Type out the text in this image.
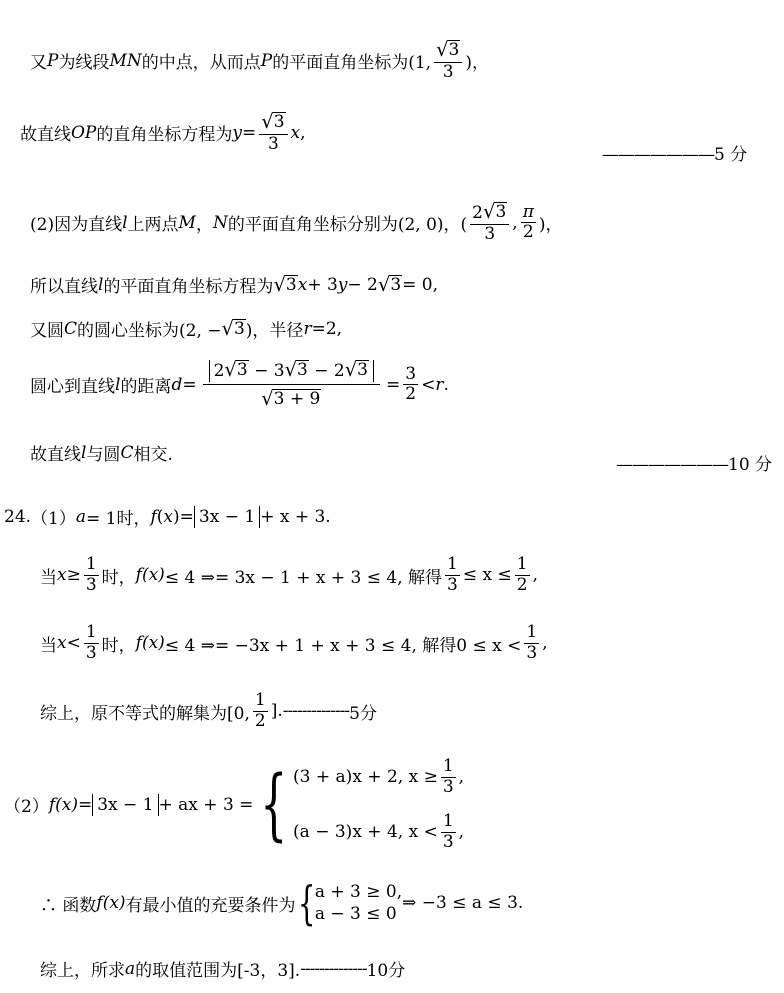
又 P 为线段 MN 的中点，从而点 P 的平面直角坐标为(1,
√ 3
3 )，
故直线 OP 的直角坐标方程为 $y = \frac{√ 3}{3}$ x ,
———————5 分
(2)因为直线 l 上两点 M ， N 的平面直角坐标分别为(2, 0)，(
2 √ 3
3
,
π
2 )，
所以直线 l 的平面直角坐标方程为 √ 3 x + 3 y − 2 √ 3 = 0,
又圆 C 的圆心坐标为(2, − √ 3 )，半径 r =2,
圆心到直线 l 的距离 $d = \frac{2 √ 3 - 3 √ 3 - 2 √ 3}{√ 3 + 9} = \frac{3}{2} < r$ .
故直线 l 与圆 C 相交.	———————10 分
24. （1） a = 1时， f ( x ) = 3x − 1 + x + 3.
当 $x \ge \frac{1}{3}$ 时， f(x) ≤ 4 ⇒= 3x − 1 + x + 3 ≤ 4, 解得 $\frac{1}{3} \le x \le \frac{1}{2}$ ,
当 x <
1
3 时， f(x) ≤ 4 ⇒= −3x + 1 + x + 3 ≤ 4, 解得0 ≤ x <
1
3 ,
综上，原不等式的解集为[0,
1
2 ]. -------------- 5分
（2） f(x) = 3x − 1 + ax + 3 = { (3 + a)x + 2, $x \ge \frac{1}{3}$ ,
(a − 3)x + 4, x <
1
3 ,
∴ 函数 f(x) 有最小值的充要条件为 { a + 3 ≥ 0,
a − 3 ≤ 0
⇒ −3 ≤ a ≤ 3.
综上，所求 a 的取值范围为[-3，3]. -------------- 10分
